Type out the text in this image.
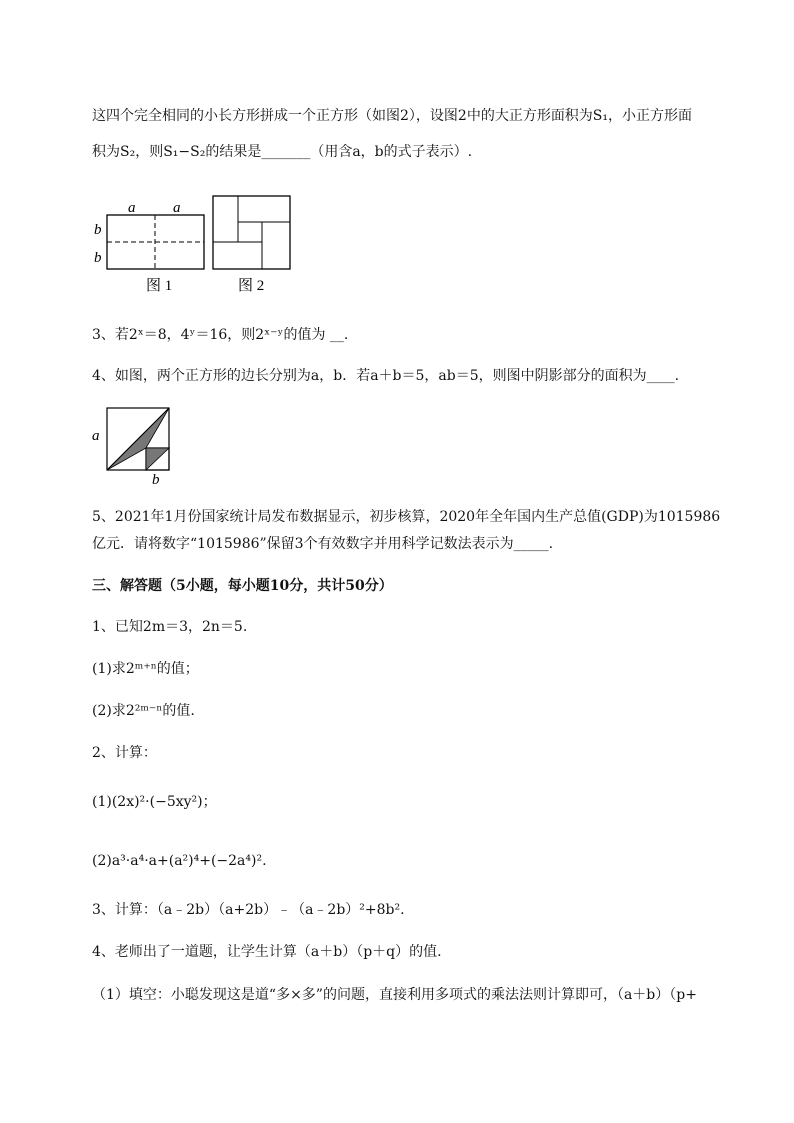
这四个完全相同的小长方形拼成一个正方形（如图2），设图2中的大正方形面积为S₁，小正方形面
积为S₂，则S₁−S₂的结果是_______（用含a，b的式子表示）.
a	a
b
b
图 1	图 2
3、若2ˣ＝8，4ʸ＝16，则2ˣ⁻ʸ的值为 __.
4、如图，两个正方形的边长分别为a，b．若a＋b＝5，ab＝5，则图中阴影部分的面积为____.
a
b
5、2021年1月份国家统计局发布数据显示，初步核算，2020年全年国内生产总值(GDP)为1015986
亿元．请将数字“1015986”保留3个有效数字并用科学记数法表示为_____.
三、解答题（5小题，每小题10分，共计50分）
1、已知2m＝3，2n＝5.
(1)求2ᵐ⁺ⁿ的值；
(2)求2²ᵐ⁻ⁿ的值.
2、计算：
(1)(2x)²·(−5xy²)；
(2)a³·a⁴·a+(a²)⁴+(−2a⁴)².
3、计算：（a﹣2b）（a+2b）﹣（a﹣2b）²+8b².
4、老师出了一道题，让学生计算（a＋b）（p＋q）的值.
（1）填空：小聪发现这是道“多×多”的问题，直接利用多项式的乘法法则计算即可，（a＋b）（p+
